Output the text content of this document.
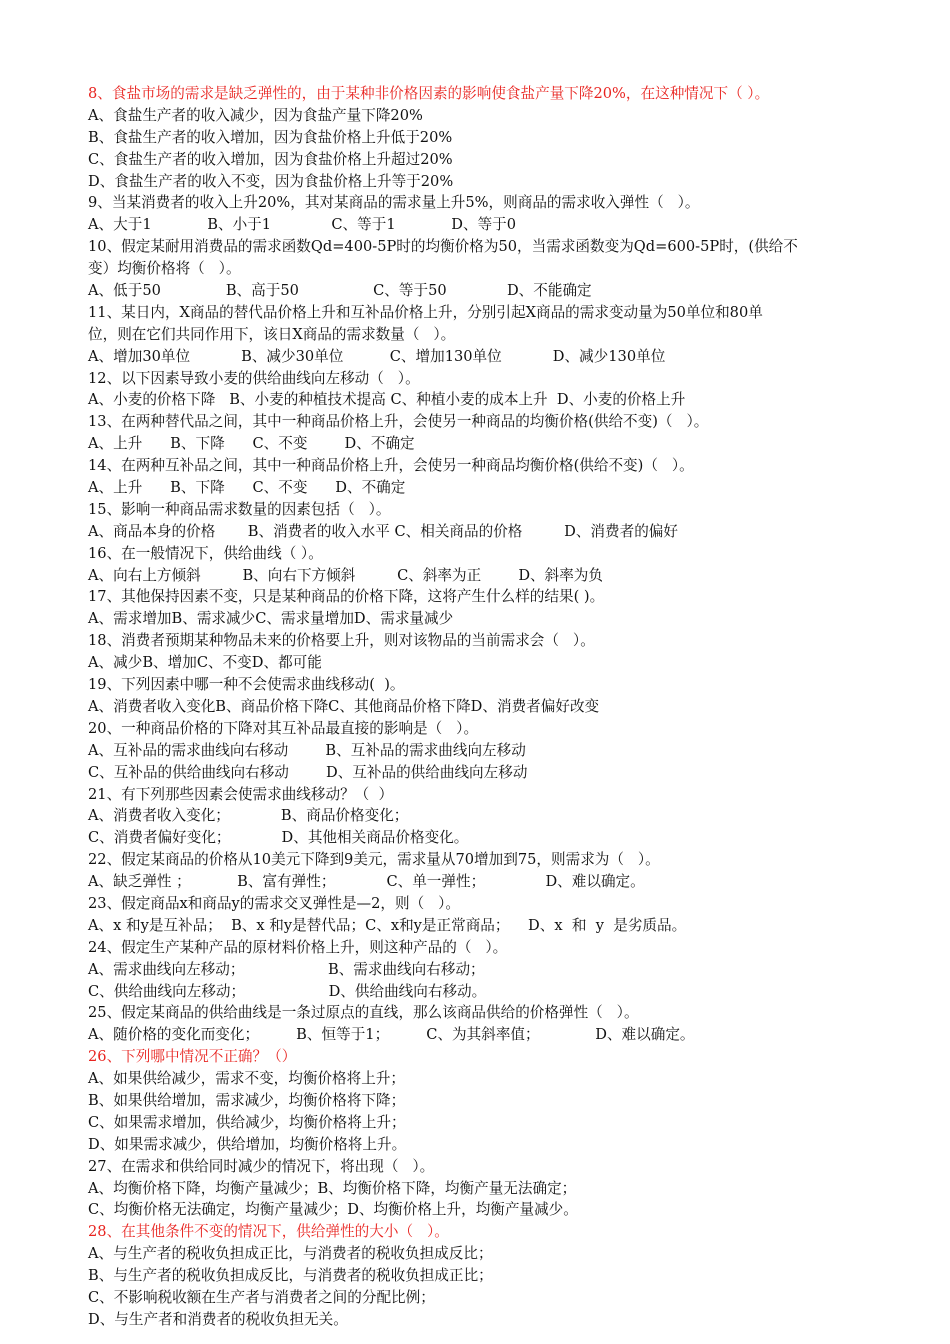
8、食盐市场的需求是缺乏弹性的，由于某种非价格因素的影响使食盐产量下降20%，在这种情况下（ ）。
A、食盐生产者的收入减少，因为食盐产量下降20%
B、食盐生产者的收入增加，因为食盐价格上升低于20%
C、食盐生产者的收入增加，因为食盐价格上升超过20%
D、食盐生产者的收入不变，因为食盐价格上升等于20%
9、当某消费者的收入上升20%，其对某商品的需求量上升5%，则商品的需求收入弹性（   ）。
A、大于1            B、小于1             C、等于1            D、等于0
10、假定某耐用消费品的需求函数Qd=400-5P时的均衡价格为50，当需求函数变为Qd=600-5P时，(供给不
变）均衡价格将（   ）。
A、低于50              B、高于50                C、等于50             D、不能确定
11、某日内，X商品的替代品价格上升和互补品价格上升，分别引起X商品的需求变动量为50单位和80单
位，则在它们共同作用下，该日X商品的需求数量（   ）。
A、增加30单位           B、减少30单位          C、增加130单位           D、减少130单位
12、以下因素导致小麦的供给曲线向左移动（   ）。
A、小麦的价格下降   B、小麦的种植技术提高 C、种植小麦的成本上升  D、小麦的价格上升
13、在两种替代品之间，其中一种商品价格上升，会使另一种商品的均衡价格(供给不变)（   ）。
A、上升      B、下降      C、不变        D、不确定
14、在两种互补品之间，其中一种商品价格上升，会使另一种商品均衡价格(供给不变)（   ）。
A、上升      B、下降      C、不变      D、不确定
15、影响一种商品需求数量的因素包括（   ）。
A、商品本身的价格       B、消费者的收入水平 C、相关商品的价格         D、消费者的偏好
16、在一般情况下，供给曲线（ ）。
A、向右上方倾斜         B、向右下方倾斜         C、斜率为正        D、斜率为负
17、其他保持因素不变，只是某种商品的价格下降，这将产生什么样的结果( )。
A、需求增加B、需求减少C、需求量增加D、需求量减少
18、消费者预期某种物品未来的价格要上升，则对该物品的当前需求会（   ）。
A、减少B、增加C、不变D、都可能
19、下列因素中哪一种不会使需求曲线移动(  )。
A、消费者收入变化B、商品价格下降C、其他商品价格下降D、消费者偏好改变
20、一种商品价格的下降对其互补品最直接的影响是（   ）。
A、互补品的需求曲线向右移动        B、互补品的需求曲线向左移动
C、互补品的供给曲线向右移动        D、互补品的供给曲线向左移动
21、有下列那些因素会使需求曲线移动？（  ）
A、消费者收入变化；           B、商品价格变化；
C、消费者偏好变化；           D、其他相关商品价格变化。
22、假定某商品的价格从10美元下降到9美元，需求量从70增加到75，则需求为（   ）。
A、缺乏弹性 ；          B、富有弹性；           C、单一弹性；             D、难以确定。
23、假定商品x和商品y的需求交叉弹性是—2，则（   ）。
A、x 和y是互补品；  B、x 和y是替代品；C、x和y是正常商品；    D、x  和  y  是劣质品。
24、假定生产某种产品的原材料价格上升，则这种产品的（   ）。
A、需求曲线向左移动；                  B、需求曲线向右移动；
C、供给曲线向左移动；                  D、供给曲线向右移动。
25、假定某商品的供给曲线是一条过原点的直线，那么该商品供给的价格弹性（   ）。
A、随价格的变化而变化；        B、恒等于1；        C、为其斜率值；            D、难以确定。
26、下列哪中情况不正确？（）
A、如果供给减少，需求不变，均衡价格将上升；
B、如果供给增加，需求减少，均衡价格将下降；
C、如果需求增加，供给减少，均衡价格将上升；
D、如果需求减少，供给增加，均衡价格将上升。
27、在需求和供给同时减少的情况下，将出现（   ）。
A、均衡价格下降，均衡产量减少；B、均衡价格下降，均衡产量无法确定；
C、均衡价格无法确定，均衡产量减少；D、均衡价格上升，均衡产量减少。
28、在其他条件不变的情况下，供给弹性的大小（   ）。
A、与生产者的税收负担成正比，与消费者的税收负担成反比；
B、与生产者的税收负担成反比，与消费者的税收负担成正比；
C、不影响税收额在生产者与消费者之间的分配比例；
D、与生产者和消费者的税收负担无关。
